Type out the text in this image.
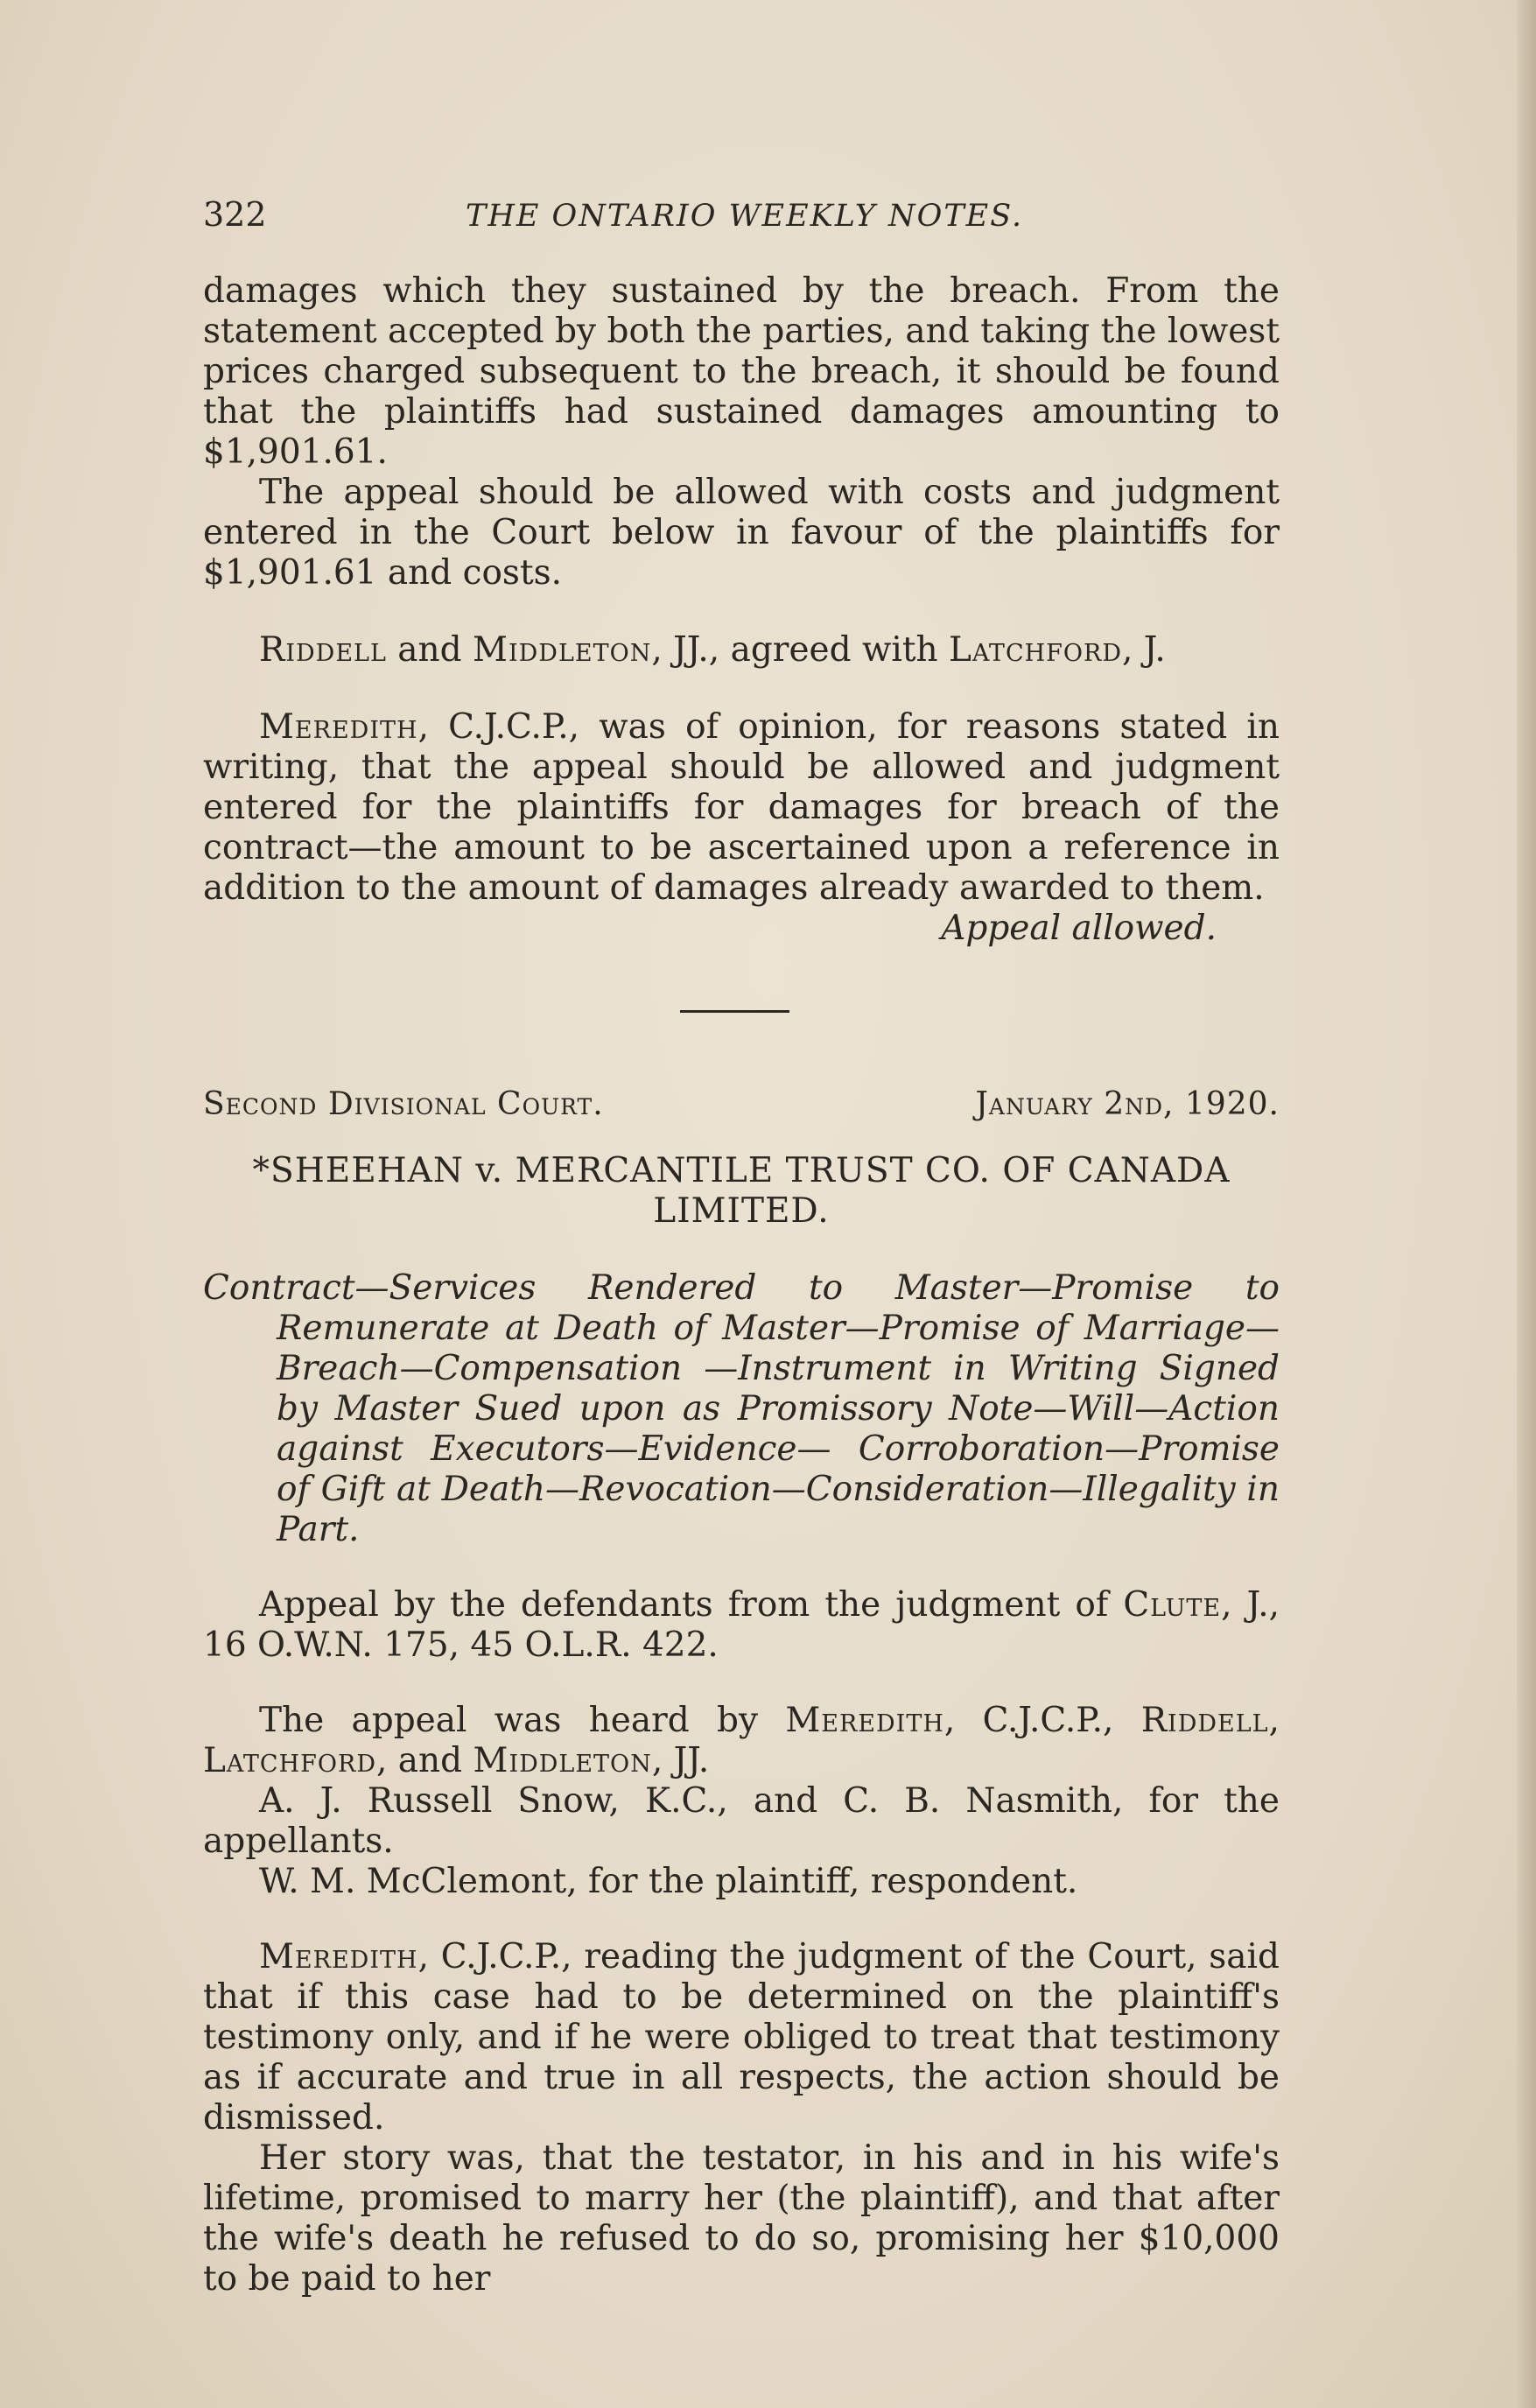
322	THE ONTARIO WEEKLY NOTES.

damages which they sustained by the breach. From the statement accepted by both the parties, and taking the lowest prices charged subsequent to the breach, it should be found that the plaintiffs had sustained damages amounting to $1,901.61.

The appeal should be allowed with costs and judgment entered in the Court below in favour of the plaintiffs for $1,901.61 and costs.

Riddell and Middleton, JJ., agreed with Latchford, J.

Meredith, C.J.C.P., was of opinion, for reasons stated in writing, that the appeal should be allowed and judgment entered for the plaintiffs for damages for breach of the contract—the amount to be ascertained upon a reference in addition to the amount of damages already awarded to them.

Appeal allowed.

Second Divisional Court.	January 2nd, 1920.
*SHEEHAN v. MERCANTILE TRUST CO. OF CANADA LIMITED.

Contract—Services Rendered to Master—Promise to Remunerate at Death of Master—Promise of Marriage—Breach—Compensation —Instrument in Writing Signed by Master Sued upon as Promissory Note—Will—Action against Executors—Evidence— Corroboration—Promise of Gift at Death—Revocation—Consideration—Illegality in Part.

Appeal by the defendants from the judgment of Clute, J., 16 O.W.N. 175, 45 O.L.R. 422.

The appeal was heard by Meredith, C.J.C.P., Riddell, Latchford, and Middleton, JJ.

A. J. Russell Snow, K.C., and C. B. Nasmith, for the appellants.

W. M. McClemont, for the plaintiff, respondent.

Meredith, C.J.C.P., reading the judgment of the Court, said that if this case had to be determined on the plaintiff's testimony only, and if he were obliged to treat that testimony as if accurate and true in all respects, the action should be dismissed.

Her story was, that the testator, in his and in his wife's lifetime, promised to marry her (the plaintiff), and that after the wife's death he refused to do so, promising her $10,000 to be paid to her
